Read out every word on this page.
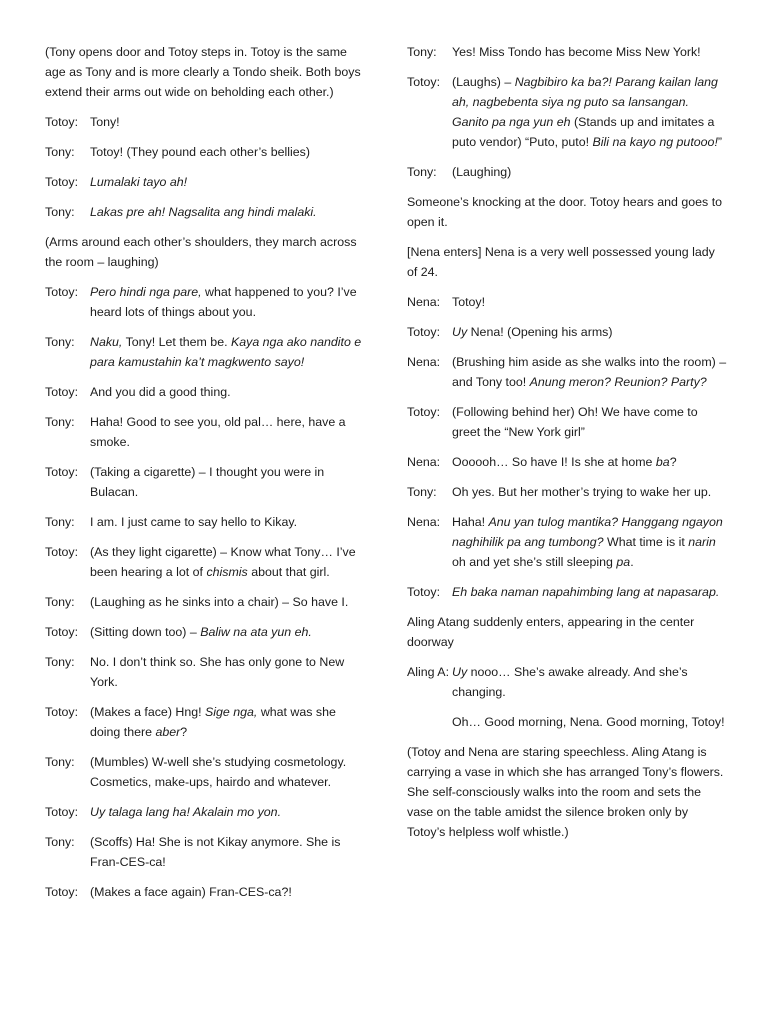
(Tony opens door and Totoy steps in. Totoy is the same age as Tony and is more clearly a Tondo sheik. Both boys extend their arms out wide on beholding each other.)
Totoy: Tony!
Tony:	Totoy! (They pound each other’s bellies)
Totoy: Lumalaki tayo ah!
Tony:	Lakas pre ah! Nagsalita ang hindi malaki.
(Arms around each other’s shoulders, they march across the room – laughing)
Totoy: Pero hindi nga pare, what happened to you? I’ve heard lots of things about you.
Tony:	Naku, Tony! Let them be. Kaya nga ako nandito e para kamustahin ka’t magkwento sayo!
Totoy: And you did a good thing.
Tony:	Haha! Good to see you, old pal… here, have a smoke.
Totoy: (Taking a cigarette) – I thought you were in Bulacan.
Tony:	I am. I just came to say hello to Kikay.
Totoy: (As they light cigarette) – Know what Tony… I’ve been hearing a lot of chismis about that girl.
Tony:	(Laughing as he sinks into a chair) – So have I.
Totoy: (Sitting down too) – Baliw na ata yun eh.
Tony:	No. I don’t think so. She has only gone to New York.
Totoy: (Makes a face) Hng! Sige nga, what was she doing there aber?
Tony:	(Mumbles) W-well she’s studying cosmetology. Cosmetics, make-ups, hairdo and whatever.
Totoy: Uy talaga lang ha! Akalain mo yon.
Tony:	(Scoffs) Ha! She is not Kikay anymore. She is Fran-CES-ca!
Totoy: (Makes a face again) Fran-CES-ca?!
Tony:	Yes! Miss Tondo has become Miss New York!
Totoy: (Laughs) – Nagbibiro ka ba?! Parang kailan lang ah, nagbebenta siya ng puto sa lansangan. Ganito pa nga yun eh (Stands up and imitates a puto vendor) “Puto, puto! Bili na kayo ng putooo!”
Tony:	(Laughing)
Someone’s knocking at the door. Totoy hears and goes to open it.
[Nena enters] Nena is a very well possessed young lady of 24.
Nena: Totoy!
Totoy: Uy Nena! (Opening his arms)
Nena: (Brushing him aside as she walks into the room) – and Tony too! Anung meron? Reunion? Party?
Totoy: (Following behind her) Oh! We have come to greet the “New York girl”
Nena: Oooooh… So have I! Is she at home ba?
Tony:	Oh yes. But her mother’s trying to wake her up.
Nena: Haha! Anu yan tulog mantika? Hanggang ngayon naghihilik pa ang tumbong? What time is it narin oh and yet she’s still sleeping pa.
Totoy: Eh baka naman napahimbing lang at napasarap.
Aling Atang suddenly enters, appearing in the center doorway
Aling A: Uy nooo… She’s awake already. And she’s changing.
Oh… Good morning, Nena. Good morning, Totoy!
(Totoy and Nena are staring speechless. Aling Atang is carrying a vase in which she has arranged Tony’s flowers. She self-consciously walks into the room and sets the vase on the table amidst the silence broken only by Totoy’s helpless wolf whistle.)
